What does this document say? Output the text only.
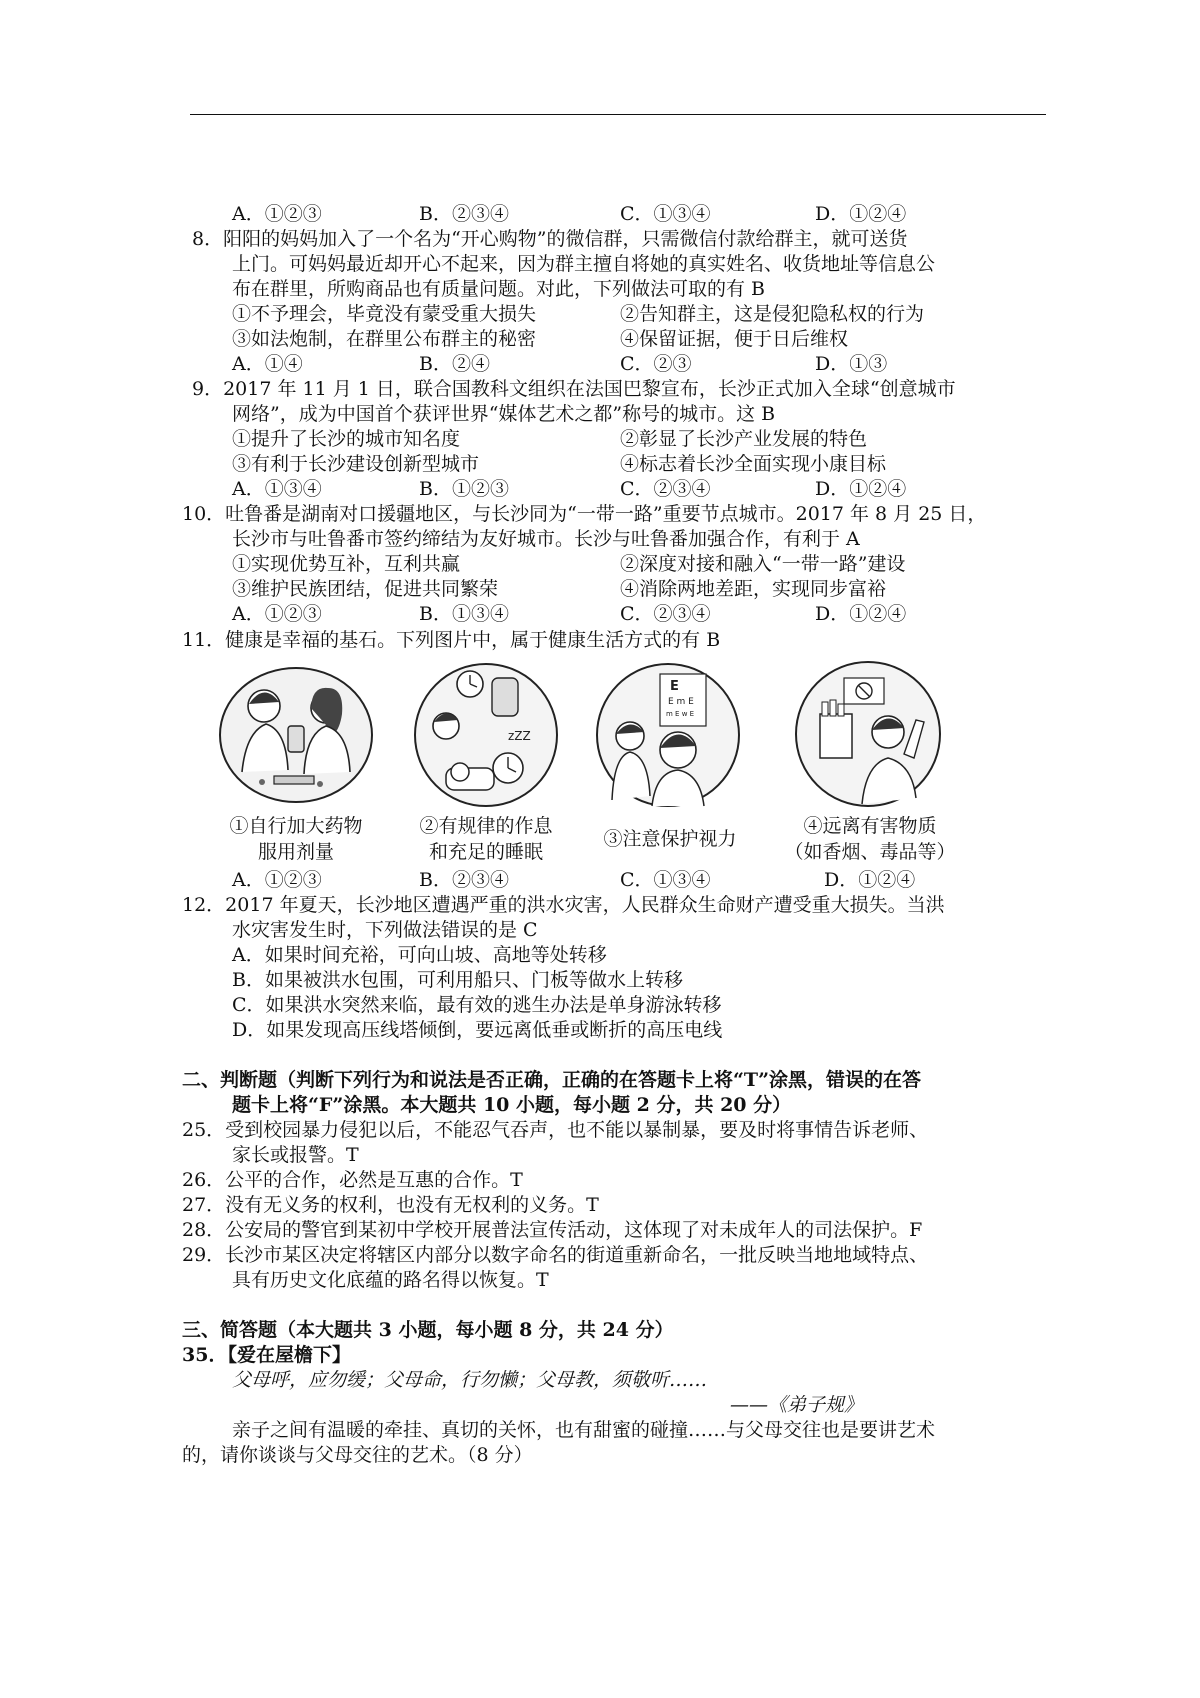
A．①②③	B．②③④	C．①③④	D．①②④
8．阳阳的妈妈加入了一个名为“开心购物”的微信群，只需微信付款给群主，就可送货
上门。可妈妈最近却开心不起来，因为群主擅自将她的真实姓名、收货地址等信息公
布在群里，所购商品也有质量问题。对此，下列做法可取的有 B
①不予理会，毕竟没有蒙受重大损失	②告知群主，这是侵犯隐私权的行为
③如法炮制，在群里公布群主的秘密	④保留证据，便于日后维权
A．①④	B．②④	C．②③	D．①③
9．2017 年 11 月 1 日，联合国教科文组织在法国巴黎宣布，长沙正式加入全球“创意城市
网络”，成为中国首个获评世界“媒体艺术之都”称号的城市。这 B
①提升了长沙的城市知名度	②彰显了长沙产业发展的特色
③有利于长沙建设创新型城市	④标志着长沙全面实现小康目标
A．①③④	B．①②③	C．②③④	D．①②④
10．吐鲁番是湖南对口援疆地区，与长沙同为“一带一路”重要节点城市。2017 年 8 月 25 日，
长沙市与吐鲁番市签约缔结为友好城市。长沙与吐鲁番加强合作，有利于 A
①实现优势互补，互利共赢	②深度对接和融入“一带一路”建设
③维护民族团结，促进共同繁荣	④消除两地差距，实现同步富裕
A．①②③	B．①③④	C．②③④	D．①②④
11．健康是幸福的基石。下列图片中，属于健康生活方式的有 B
zZZ
E
E m E
m E w E
①自行加大药物
服用剂量
②有规律的作息
和充足的睡眠
③注意保护视力
④远离有害物质
（如香烟、毒品等）
A．①②③	B．②③④	C．①③④	D．①②④
12．2017 年夏天，长沙地区遭遇严重的洪水灾害，人民群众生命财产遭受重大损失。当洪
水灾害发生时，下列做法错误的是 C
A．如果时间充裕，可向山坡、高地等处转移
B．如果被洪水包围，可利用船只、门板等做水上转移
C．如果洪水突然来临，最有效的逃生办法是单身游泳转移
D．如果发现高压线塔倾倒，要远离低垂或断折的高压电线
二、判断题（判断下列行为和说法是否正确，正确的在答题卡上将“T”涂黑，错误的在答
题卡上将“F”涂黑。本大题共 10 小题，每小题 2 分，共 20 分）
25．受到校园暴力侵犯以后，不能忍气吞声，也不能以暴制暴，要及时将事情告诉老师、
家长或报警。T
26．公平的合作，必然是互惠的合作。T
27．没有无义务的权利，也没有无权利的义务。T
28．公安局的警官到某初中学校开展普法宣传活动，这体现了对未成年人的司法保护。F
29．长沙市某区决定将辖区内部分以数字命名的街道重新命名，一批反映当地地域特点、
具有历史文化底蕴的路名得以恢复。T
三、简答题（本大题共 3 小题，每小题 8 分，共 24 分）
35．【爱在屋檐下】
父母呼，应勿缓；父母命，行勿懒；父母教，须敬听……
——《弟子规》
亲子之间有温暖的牵挂、真切的关怀，也有甜蜜的碰撞……与父母交往也是要讲艺术
的，请你谈谈与父母交往的艺术。（8 分）
